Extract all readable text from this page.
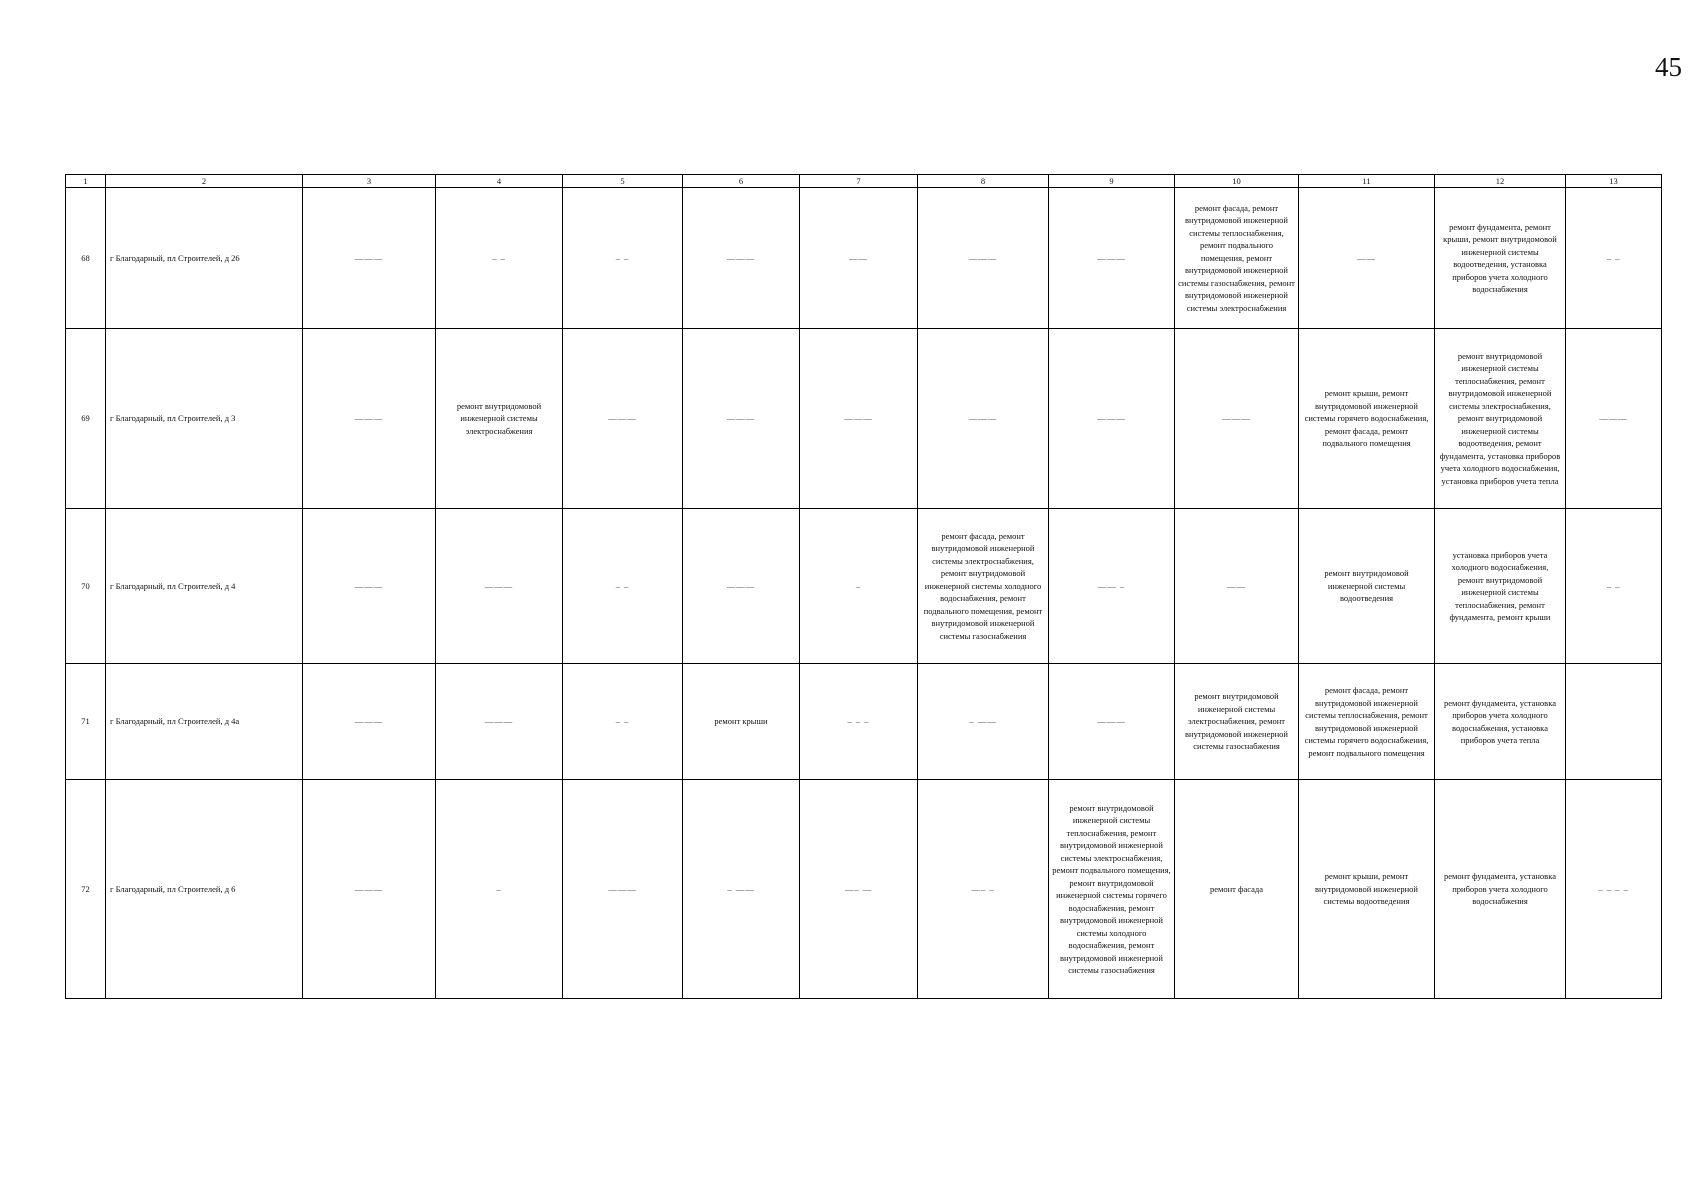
45
1	2	3	4	5	6	7	8	9	10	11	12	13
68	г Благодарный, пл Строителей, д 26	———	– –	– –	———	——	———	———	ремонт фасада, ремонт внутридомовой инженерной системы теплоснабжения, ремонт подвального помещения, ремонт внутридомовой инженерной системы газоснабжения, ремонт внутридомовой инженерной системы электроснабжения	——	ремонт фундамента, ремонт крыши, ремонт внутридомовой инженерной системы водоотведения, установка приборов учета холодного водоснабжения	– –
69	г Благодарный, пл Строителей, д 3	———	ремонт внутридомовой инженерной системы электроснабжения	———	———	———	———	———	———	ремонт крыши, ремонт внутридомовой инженерной системы горячего водоснабжения, ремонт фасада, ремонт подвального помещения	ремонт внутридомовой инженерной системы теплоснабжения, ремонт внутридомовой инженерной системы электроснабжения, ремонт внутридомовой инженерной системы водоотведения, ремонт фундамента, установка приборов учета холодного водоснабжения, установка приборов учета тепла	———
70	г Благодарный, пл Строителей, д 4	———	———	– –	———	–	ремонт фасада, ремонт внутридомовой инженерной системы электроснабжения, ремонт внутридомовой инженерной системы холодного водоснабжения, ремонт подвального помещения, ремонт внутридомовой инженерной системы газоснабжения	—— –	——	ремонт внутридомовой инженерной системы водоотведения	установка приборов учета холодного водоснабжения, ремонт внутридомовой инженерной системы теплоснабжения, ремонт фундамента, ремонт крыши	– –
71	г Благодарный, пл Строителей, д 4а	———	———	– –	ремонт крыши	– – –	– ——	———	ремонт внутридомовой инженерной системы электроснабжения, ремонт внутридомовой инженерной системы газоснабжения	ремонт фасада, ремонт внутридомовой инженерной системы теплоснабжения, ремонт внутридомовой инженерной системы горячего водоснабжения, ремонт подвального помещения	ремонт фундамента, установка приборов учета холодного водоснабжения, установка приборов учета тепла	
72	г Благодарный, пл Строителей, д 6	———	–	———	– ——	—– —	—– –	ремонт внутридомовой инженерной системы теплоснабжения, ремонт внутридомовой инженерной системы электроснабжения, ремонт подвального помещения, ремонт внутридомовой инженерной системы горячего водоснабжения, ремонт внутридомовой инженерной системы холодного водоснабжения, ремонт внутридомовой инженерной системы газоснабжения	ремонт фасада	ремонт крыши, ремонт внутридомовой инженерной системы водоотведения	ремонт фундамента, установка приборов учета холодного водоснабжения	– – – –
